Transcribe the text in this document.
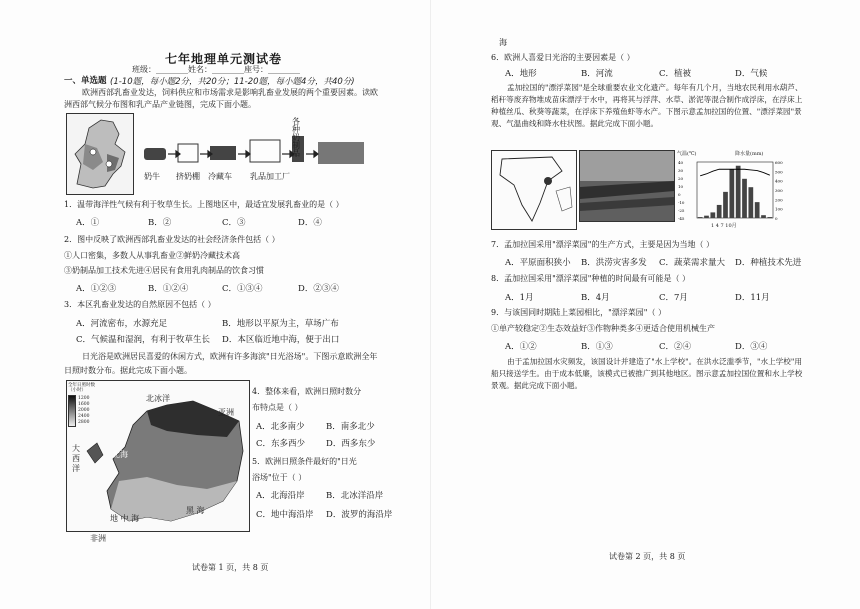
七年地理单元测试卷
班级：________姓名：________座号：________
一、单选题 (1-10题，每小题2分，共20分；11-20题，每小题4分，共40分)
欧洲西部乳畜业发达，饲料供应和市场需求是影响乳畜业发展的两个重要因素。读欧
洲西部气候分布图和乳产品产业链图，完成下面小题。
奶牛 挤奶棚 冷藏车 乳品加工厂
各种奶制品
1．温带海洋性气候有利于牧草生长。上图地区中，最适宜发展乳畜业的是（ ）
A．①	B．②	C．③	D．④
2．图中反映了欧洲西部乳畜业发达的社会经济条件包括（ ）
①人口密集，多数人从事乳畜业②鲜奶冷藏技术高
③奶制品加工技术先进④居民有食用乳肉制品的饮食习惯
A．①②③	B．①②④	C．①③④	D．②③④
3．本区乳畜业发达的自然原因不包括（ ）
A．河流密布，水源充足	B．地形以平原为主，草场广布
C．气候温和湿润，有利于牧草生长 D．本区临近地中海，便于出口
日光浴是欧洲居民喜爱的休闲方式，欧洲有许多海滨"日光浴场"。下图示意欧洲全年
日照时数分布。据此完成下面小题。
全年日照时数（小时）
1200
1600
2000
2400
2800
北冰洋
亚洲
大西洋
北海
地 中 海
黑 海
非洲
4．整体来看，欧洲日照时数分布特点是（ ）
A．北多南少	B．南多北少
C．东多西少 D．西多东少
5．欧洲日照条件最好的"日光浴场"位于（ ）
A．北海沿岸	B．北冰洋沿岸
C．地中海沿岸 D．波罗的海沿岸
试卷第 1 页，共 8 页
海
6．欧洲人喜爱日光浴的主要因素是（ ）
A．地形	B．河流	C．植被	D．气候
孟加拉国的"漂浮菜园"是全球重要农业文化遗产。每年有几个月，当地农民利用水葫芦、稻秆等废弃物堆成苗床漂浮于水中，再将其与浮萍、水草、淤泥等混合制作成浮床，在浮床上种植丝瓜、秋葵等蔬菜，在浮床下养殖鱼虾等水产。下图示意孟加拉国的位置、"漂浮菜园"景观、气温曲线和降水柱状图。据此完成下面小题。
气温(℃)	降水量(mm)
40
30
20
10
0
-10
-25
-45
600
500
400
300
200
100
0
1 4 7 10月
7．孟加拉国采用"漂浮菜园"的生产方式，主要是因为当地（ ）
A．平原面积狭小 B．洪涝灾害多发 C．蔬菜需求量大 D．种植技术先进
8．孟加拉国采用"漂浮菜园"种植的时间最有可能是（ ）
A．1月	B．4月	C．7月	D．11月
9．与该国同时期陆上菜园相比，"漂浮菜园"（ ）
①单产较稳定②生态效益好③作物种类多④更适合使用机械生产
A．①②	B．①③	C．②④	D．③④
由于孟加拉国水灾频发，该国设计并建造了"水上学校"。在洪水泛滥季节，"水上学校"用船只接送学生。由于成本低廉，该模式已被推广到其他地区。图示意孟加拉国位置和水上学校景观。据此完成下面小题。
试卷第 2 页，共 8 页
